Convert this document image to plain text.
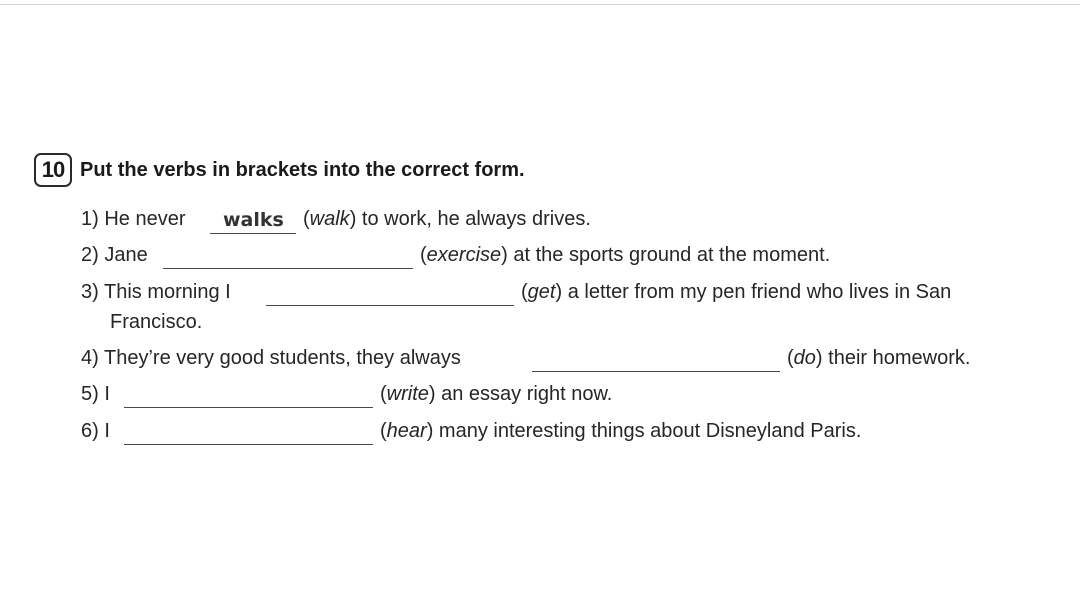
10 Put the verbs in brackets into the correct form.
1) He never walks (walk) to work, he always drives.
2) Jane	(exercise) at the sports ground at the moment.
3) This morning I	(get) a letter from my pen friend who lives in San
Francisco.
4) They’re very good students, they always	(do) their homework.
5) I	(write) an essay right now.
6) I	(hear) many interesting things about Disneyland Paris.
